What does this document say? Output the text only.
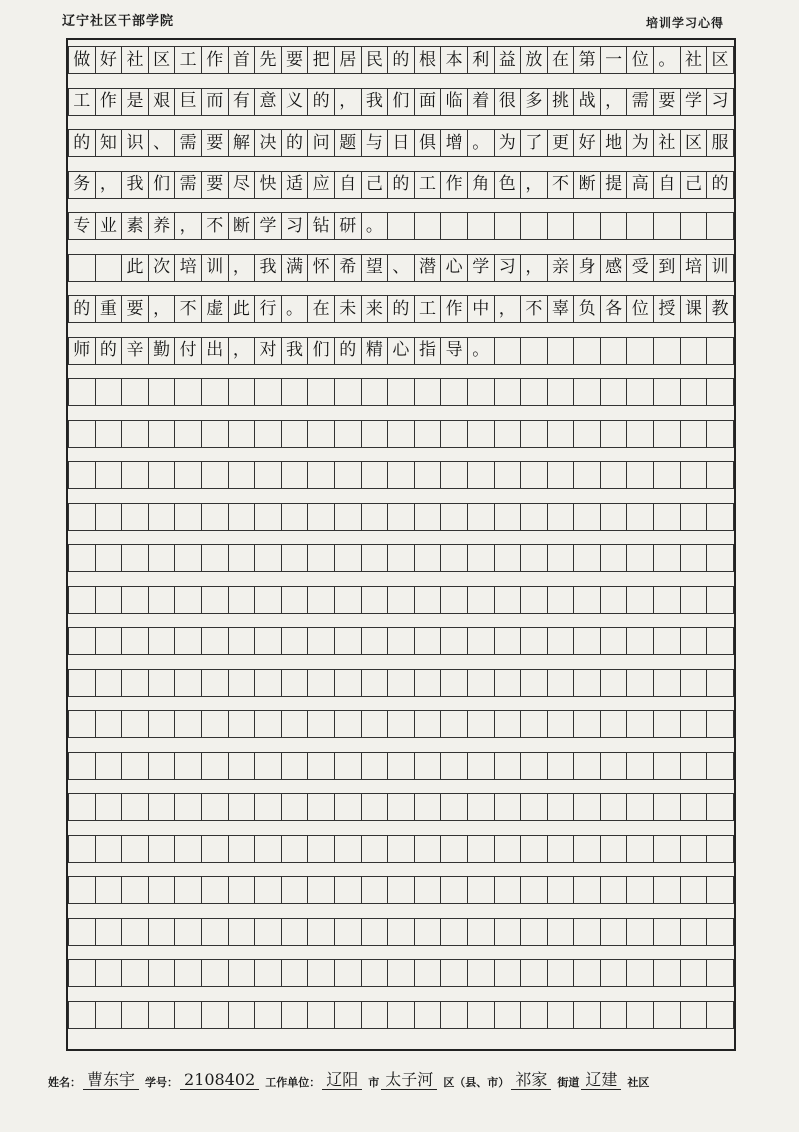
辽宁社区干部学院	培训学习心得
做 好 社 区 工 作 首 先 要 把 居 民 的 根 本 利 益 放 在 第 一 位 。 社 区
工 作 是 艰 巨 而 有 意 义 的 ， 我 们 面 临 着 很 多 挑 战 ， 需 要 学 习
的 知 识 、 需 要 解 决 的 问 题 与 日 俱 增 。 为 了 更 好 地 为 社 区 服
务 ， 我 们 需 要 尽 快 适 应 自 己 的 工 作 角 色 ， 不 断 提 高 自 己 的
专 业 素 养 ， 不 断 学 习 钻 研 。
此 次 培 训 ， 我 满 怀 希 望 、 潜 心 学 习 ， 亲 身 感 受 到 培 训
的 重 要 ， 不 虚 此 行 。 在 未 来 的 工 作 中 ， 不 辜 负 各 位 授 课 教
师 的 辛 勤 付 出 ， 对 我 们 的 精 心 指 导 。
姓名： 曹东宇 学号： 2108402 工作单位： 辽阳 市 太子河 区（县、市） 祁家 街道 辽建 社区
